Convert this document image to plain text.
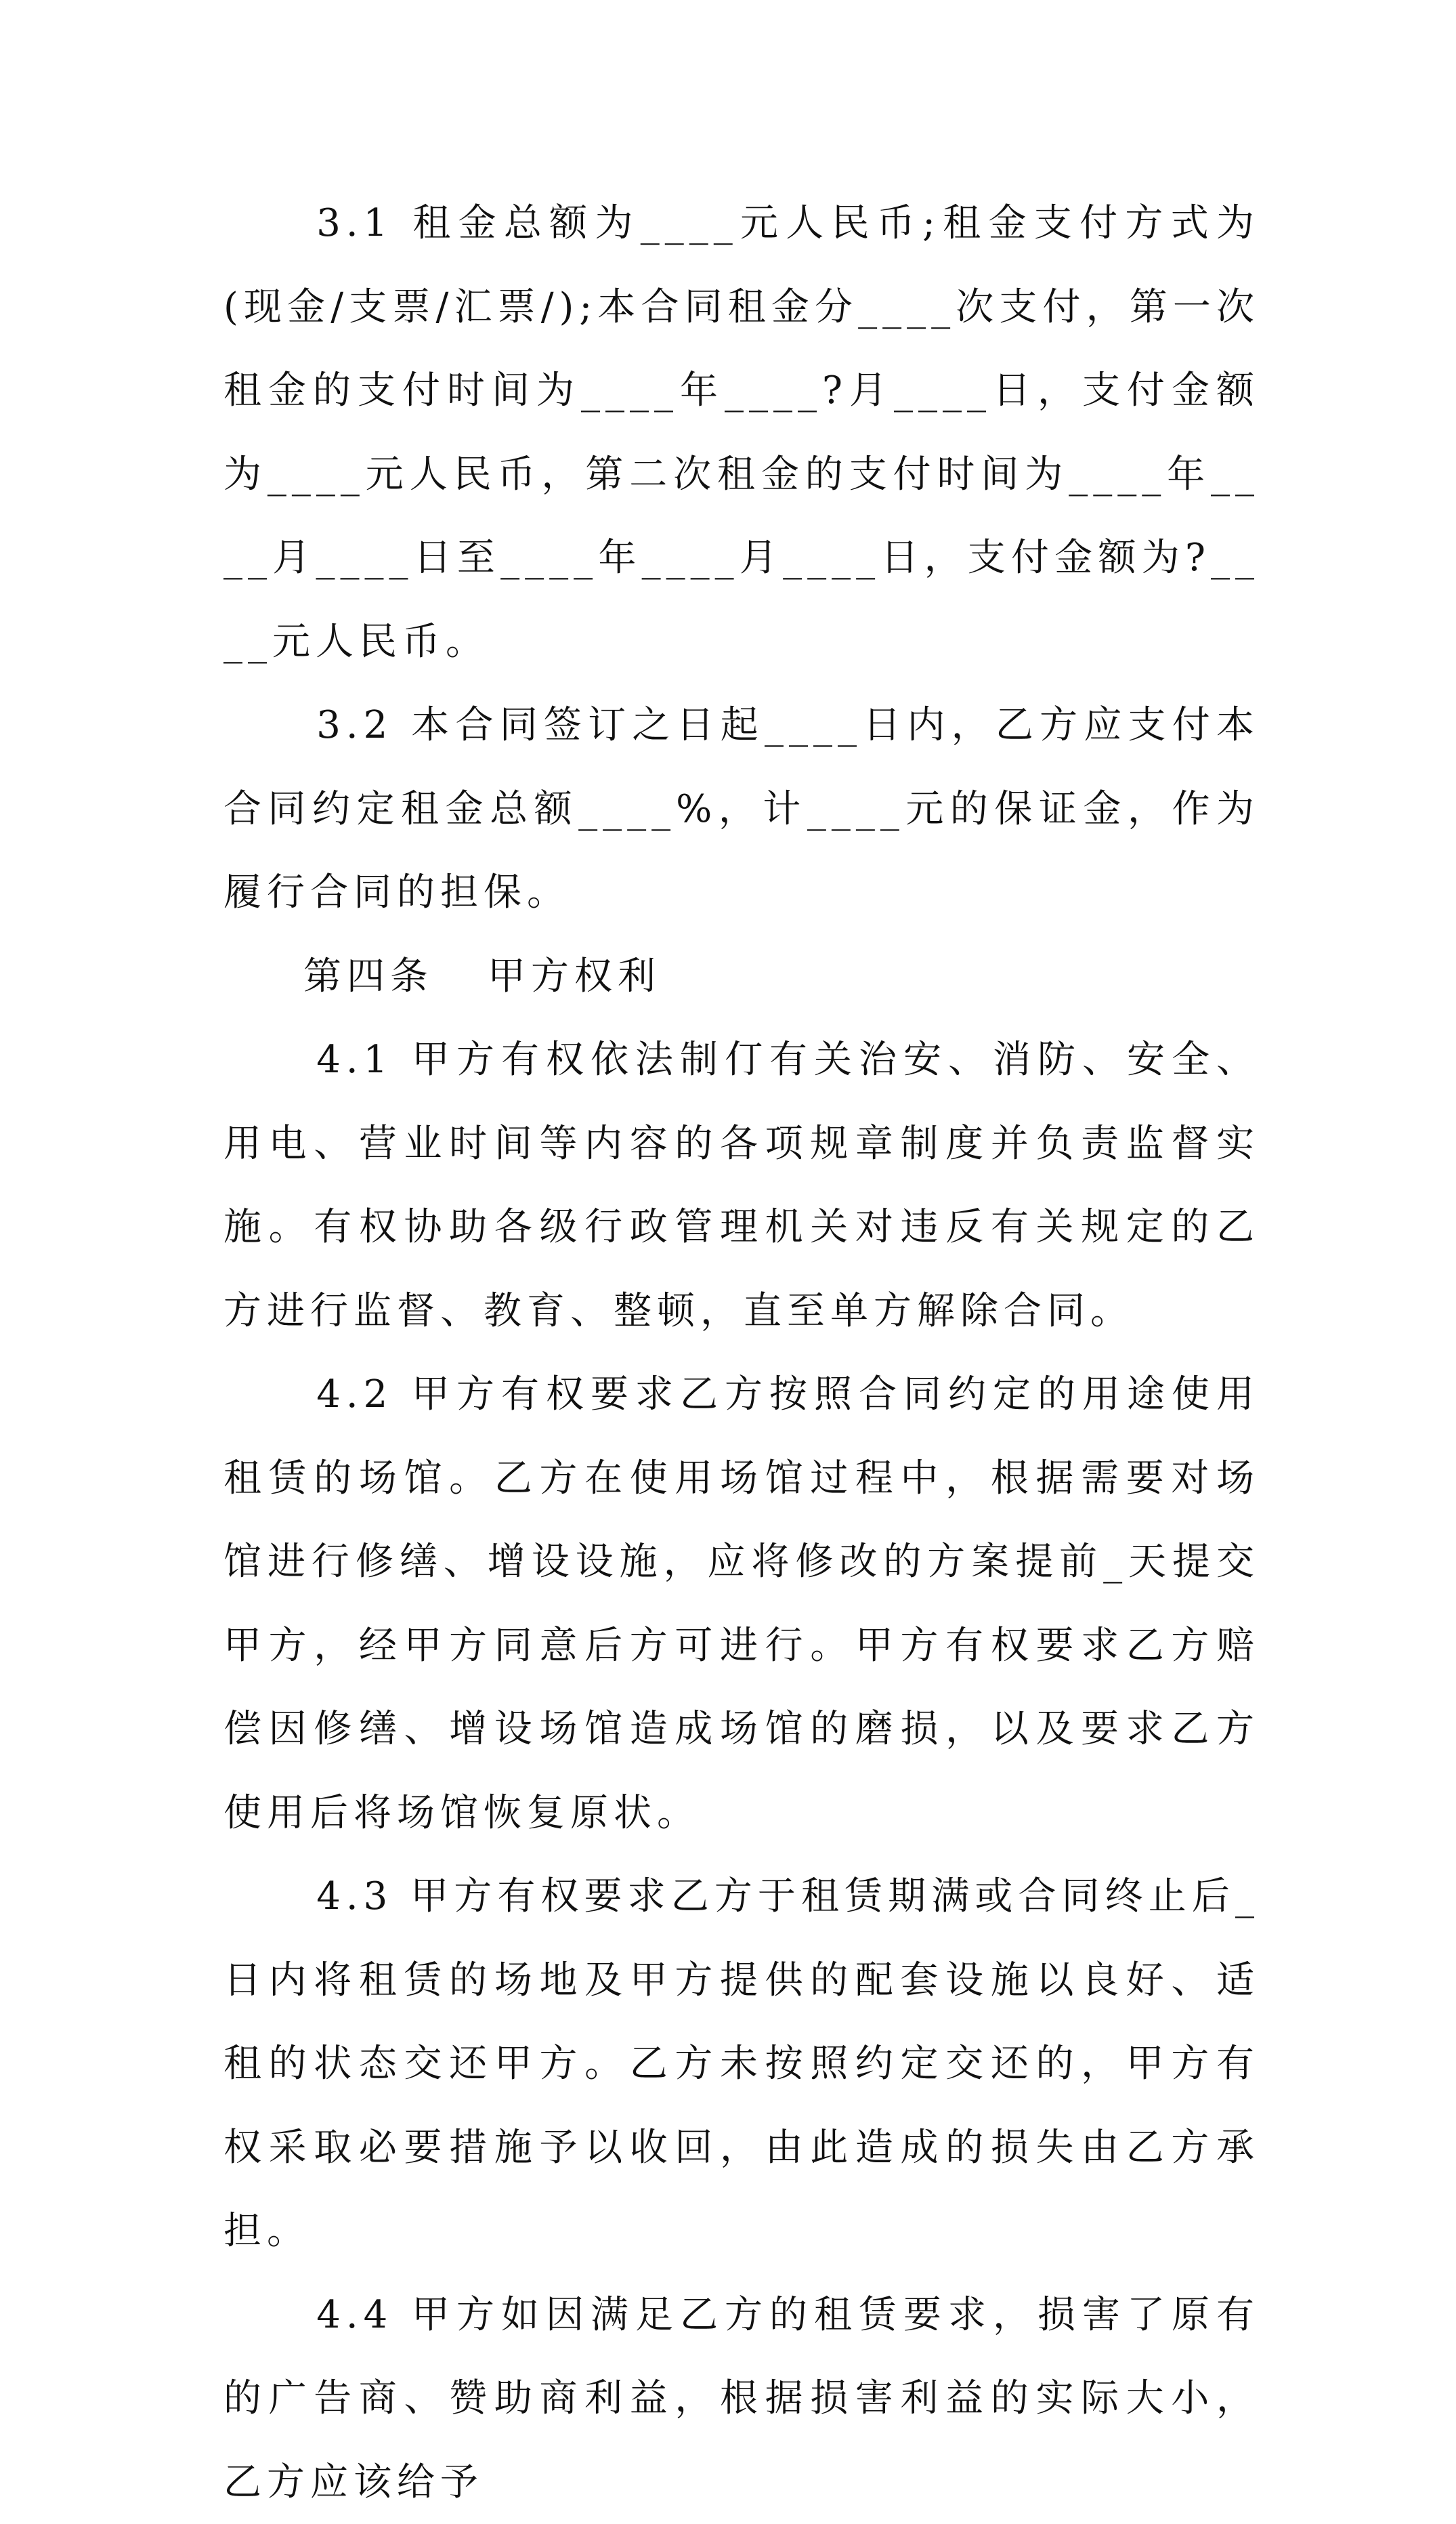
3.1 租金总额为____元人民币;租金支付方式为(现金/支票/汇票/);本合同租金分____次支付，第一次租金的支付时间为____年____?月____日，支付金额为____元人民币，第二次租金的支付时间为____年____月____日至____年____月____日，支付金额为?____元人民币。

3.2 本合同签订之日起____日内，乙方应支付本合同约定租金总额____%，计____元的保证金，作为履行合同的担保。

第四条 甲方权利

4.1 甲方有权依法制仃有关治安、消防、安全、用电、营业时间等内容的各项规章制度并负责监督实施。有权协助各级行政管理机关对违反有关规定的乙方进行监督、教育、整顿，直至单方解除合同。

4.2 甲方有权要求乙方按照合同约定的用途使用租赁的场馆。乙方在使用场馆过程中，根据需要对场馆进行修缮、增设设施，应将修改的方案提前_天提交甲方，经甲方同意后方可进行。甲方有权要求乙方赔偿因修缮、增设场馆造成场馆的磨损，以及要求乙方使用后将场馆恢复原状。

4.3 甲方有权要求乙方于租赁期满或合同终止后_日内将租赁的场地及甲方提供的配套设施以良好、适租的状态交还甲方。乙方未按照约定交还的，甲方有权采取必要措施予以收回，由此造成的损失由乙方承担。

4.4 甲方如因满足乙方的租赁要求，损害了原有的广告商、赞助商利益，根据损害利益的实际大小，乙方应该给予
